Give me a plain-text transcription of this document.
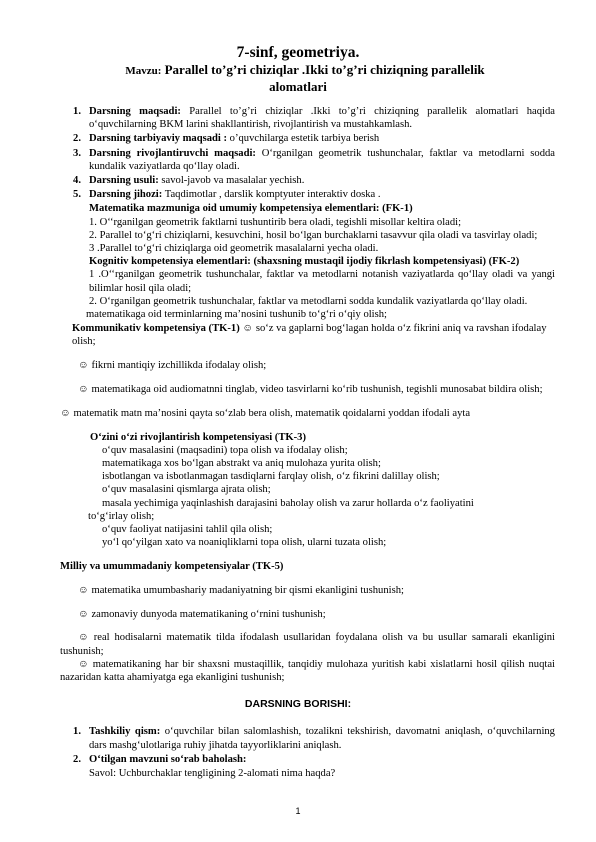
7-sinf, geometriya.
Mavzu: Parallel to’g’ri chiziqlar .Ikki to’g’ri chiziqning parallelik
alomatlari

1. Darsning maqsadi: Parallel to’g’ri chiziqlar .Ikki to’g’ri chiziqning parallelik alomatlari haqida o‘quvchilarning BKM larini shakllantirish, rivojlantirish va mustahkamlash.

2. Darsning tarbiyaviy maqsadi : o’quvchilarga estetik tarbiya berish

3. Darsning rivojlantiruvchi maqsadi: O‘rganilgan geometrik tushunchalar, faktlar va metodlarni sodda kundalik vaziyatlarda qo‘llay oladi.

4. Darsning usuli: savol-javob va masalalar yechish.

5. Darsning jihozi: Taqdimotlar , darslik komptyuter interaktiv doska .

Matematika mazmuniga oid umumiy kompetensiya elementlari: (FK-1)

1. O‘‘rganilgan geometrik faktlarni tushuntirib bera oladi, tegishli misollar keltira oladi;

2. Parallel to‘g‘ri chiziqlarni, kesuvchini, hosil bo‘lgan burchaklarni tasavvur qila oladi va tasvirlay oladi;

3 .Parallel to‘g‘ri chiziqlarga oid geometrik masalalarni yecha oladi.

Kognitiv kompetensiya elementlari: (shaxsning mustaqil ijodiy fikrlash kompetensiyasi) (FK-2)

1 .O‘‘rganilgan geometrik tushunchalar, faktlar va metodlarni notanish vaziyatlarda qo‘llay oladi va yangi bilimlar hosil qila oladi;

2. O‘rganilgan geometrik tushunchalar, faktlar va metodlarni sodda kundalik vaziyatlarda qo‘llay oladi.

matematikaga oid terminlarning ma’nosini tushunib to‘g‘ri o‘qiy olish;

Kommunikativ kompetensiya (TK-1) ☺ so‘z va gaplarni bog‘lagan holda o‘z fikrini aniq va ravshan ifodalay olish;

☺ fikrni mantiqiy izchillikda ifodalay olish;

☺ matematikaga oid audiomatnni tinglab, video tasvirlarni ko‘rib tushunish, tegishli munosabat bildira olish;

☺ matematik matn ma’nosini qayta so‘zlab bera olish, matematik qoidalarni yoddan ifodali ayta

O‘zini o‘zi rivojlantirish kompetensiyasi (TK-3)

o‘quv masalasini (maqsadini) topa olish va ifodalay olish;

matematikaga xos bo‘lgan abstrakt va aniq mulohaza yurita olish;

isbotlangan va isbotlanmagan tasdiqlarni farqlay olish, o‘z fikrini dalillay olish;

o‘quv masalasini qismlarga ajrata olish;

masala yechimiga yaqinlashish darajasini baholay olish va zarur hollarda o‘z faoliyatini

to‘g‘irlay olish;

o‘quv faoliyat natijasini tahlil qila olish;

yo‘l qo‘yilgan xato va noaniqliklarni topa olish, ularni tuzata olish;

Milliy va umummadaniy kompetensiyalar (TK-5)

☺ matematika umumbashariy madaniyatning bir qismi ekanligini tushunish;

☺ zamonaviy dunyoda matematikaning o‘rnini tushunish;

☺ real hodisalarni matematik tilda ifodalash usullaridan foydalana olish va bu usullar samarali ekanligini tushunish;

☺ matematikaning har bir shaxsni mustaqillik, tanqidiy mulohaza yuritish kabi xislatlarni hosil qilish nuqtai nazaridan katta ahamiyatga ega ekanligini tushunish;

DARSNING BORISHI:

1. Tashkiliy qism: o‘quvchilar bilan salomlashish, tozalikni tekshirish, davomatni aniqlash, o‘quvchilarning dars mashg‘ulotlariga ruhiy jihatda tayyorliklarini aniqlash.

2. O‘tilgan mavzuni so‘rab baholash:

Savol: Uchburchaklar tengligining 2-alomati nima haqda?

1
